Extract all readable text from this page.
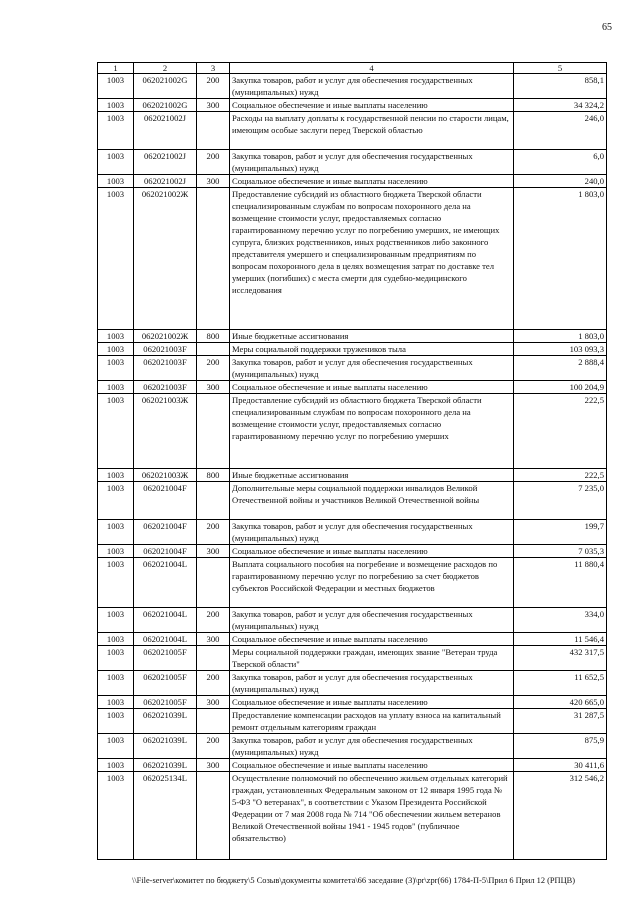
65
1	2	3	4	5
1003	062021002G	200	Закупка товаров, работ и услуг для обеспечения государственных (муниципальных) нужд	858,1
1003	062021002G	300	Социальное обеспечение и иные выплаты населению	34 324,2
1003	062021002J		Расходы на выплату доплаты к государственной пенсии по старости лицам, имеющим особые заслуги перед Тверской областью	246,0
1003	062021002J	200	Закупка товаров, работ и услуг для обеспечения государственных (муниципальных) нужд	6,0
1003	062021002J	300	Социальное обеспечение и иные выплаты населению	240,0
1003	062021002Ж		Предоставление субсидий из областного бюджета Тверской области специализированным службам по вопросам похоронного дела на возмещение стоимости услуг, предоставляемых согласно гарантированному перечню услуг по погребению умерших, не имеющих супруга, близких родственников, иных родственников либо законного представителя умершего и специализированным предприятиям по вопросам похоронного дела в целях возмещения затрат по доставке тел умерших (погибших) с места смерти для судебно-медицинского исследования	1 803,0
1003	062021002Ж	800	Иные бюджетные ассигнования	1 803,0
1003	062021003F		Меры социальной поддержки тружеников тыла	103 093,3
1003	062021003F	200	Закупка товаров, работ и услуг для обеспечения государственных (муниципальных) нужд	2 888,4
1003	062021003F	300	Социальное обеспечение и иные выплаты населению	100 204,9
1003	062021003Ж		Предоставление субсидий из областного бюджета Тверской области специализированным службам по вопросам похоронного дела на возмещение стоимости услуг, предоставляемых согласно гарантированному перечню услуг по погребению умерших	222,5
1003	062021003Ж	800	Иные бюджетные ассигнования	222,5
1003	062021004F		Дополнительные меры социальной поддержки инвалидов Великой Отечественной войны и участников Великой Отечественной войны	7 235,0
1003	062021004F	200	Закупка товаров, работ и услуг для обеспечения государственных (муниципальных) нужд	199,7
1003	062021004F	300	Социальное обеспечение и иные выплаты населению	7 035,3
1003	062021004L		Выплата социального пособия на погребение и возмещение расходов по гарантированному перечню услуг по погребению за счет бюджетов субъектов Российской Федерации и местных бюджетов	11 880,4
1003	062021004L	200	Закупка товаров, работ и услуг для обеспечения государственных (муниципальных) нужд	334,0
1003	062021004L	300	Социальное обеспечение и иные выплаты населению	11 546,4
1003	062021005F		Меры социальной поддержки граждан, имеющих звание "Ветеран труда Тверской области"	432 317,5
1003	062021005F	200	Закупка товаров, работ и услуг для обеспечения государственных (муниципальных) нужд	11 652,5
1003	062021005F	300	Социальное обеспечение и иные выплаты населению	420 665,0
1003	062021039L		Предоставление компенсации расходов на уплату взноса на капитальный ремонт отдельным категориям граждан	31 287,5
1003	062021039L	200	Закупка товаров, работ и услуг для обеспечения государственных (муниципальных) нужд	875,9
1003	062021039L	300	Социальное обеспечение и иные выплаты населению	30 411,6
1003	062025134L		Осуществление полномочий по обеспечению жильем отдельных категорий граждан, установленных Федеральным законом от 12 января 1995 года № 5-ФЗ "О ветеранах", в соответствии с Указом Президента Российской Федерации от 7 мая 2008 года № 714 "Об обеспечении жильем ветеранов Великой Отечественной войны 1941 - 1945 годов" (публичное обязательство)	312 546,2
\\File-server\комитет по бюджету\5 Созыв\документы комитета\66 заседание (3)\pr\zpr(66) 1784-П-5\Прил 6 Прил 12 (РПЦВ)
